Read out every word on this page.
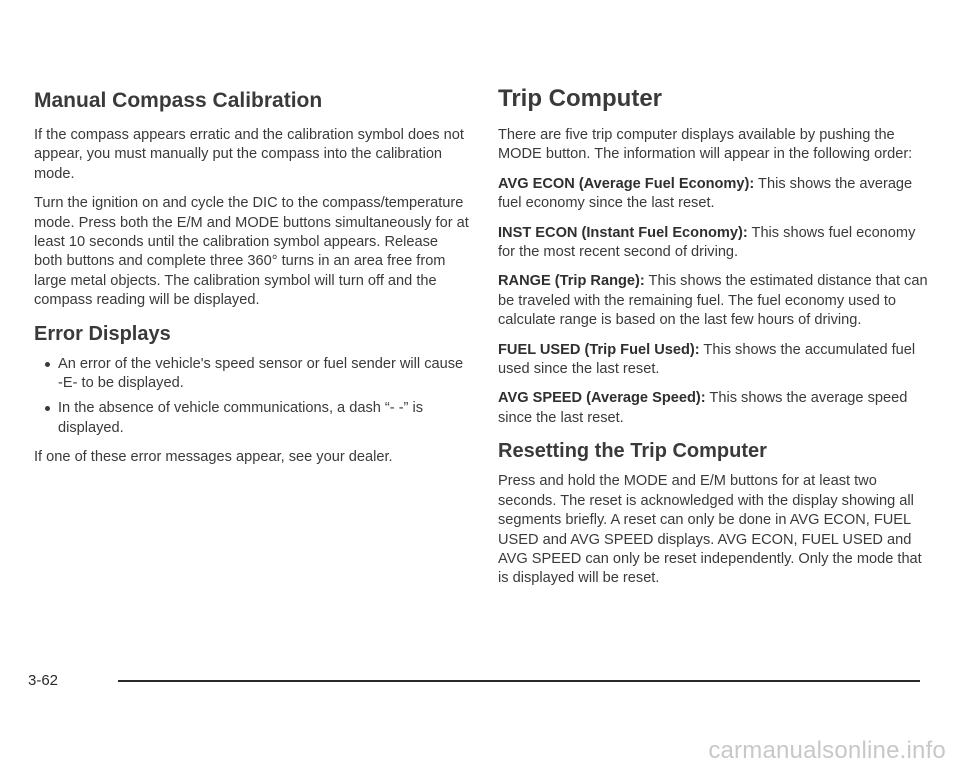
Manual Compass Calibration

If the compass appears erratic and the calibration symbol does not appear, you must manually put the compass into the calibration mode.

Turn the ignition on and cycle the DIC to the compass/temperature mode. Press both the E/M and MODE buttons simultaneously for at least 10 seconds until the calibration symbol appears. Release both buttons and complete three 360° turns in an area free from large metal objects. The calibration symbol will turn off and the compass reading will be displayed.

Error Displays
An error of the vehicle's speed sensor or fuel sender will cause -E- to be displayed.
In the absence of vehicle communications, a dash “- -” is displayed.

If one of these error messages appear, see your dealer.

Trip Computer

There are five trip computer displays available by pushing the MODE button. The information will appear in the following order:

AVG ECON (Average Fuel Economy): This shows the average fuel economy since the last reset.

INST ECON (Instant Fuel Economy): This shows fuel economy for the most recent second of driving.

RANGE (Trip Range): This shows the estimated distance that can be traveled with the remaining fuel. The fuel economy used to calculate range is based on the last few hours of driving.

FUEL USED (Trip Fuel Used): This shows the accumulated fuel used since the last reset.

AVG SPEED (Average Speed): This shows the average speed since the last reset.

Resetting the Trip Computer

Press and hold the MODE and E/M buttons for at least two seconds. The reset is acknowledged with the display showing all segments briefly. A reset can only be done in AVG ECON, FUEL USED and AVG SPEED displays. AVG ECON, FUEL USED and AVG SPEED can only be reset independently. Only the mode that is displayed will be reset.

3-62
carmanualsonline.info
